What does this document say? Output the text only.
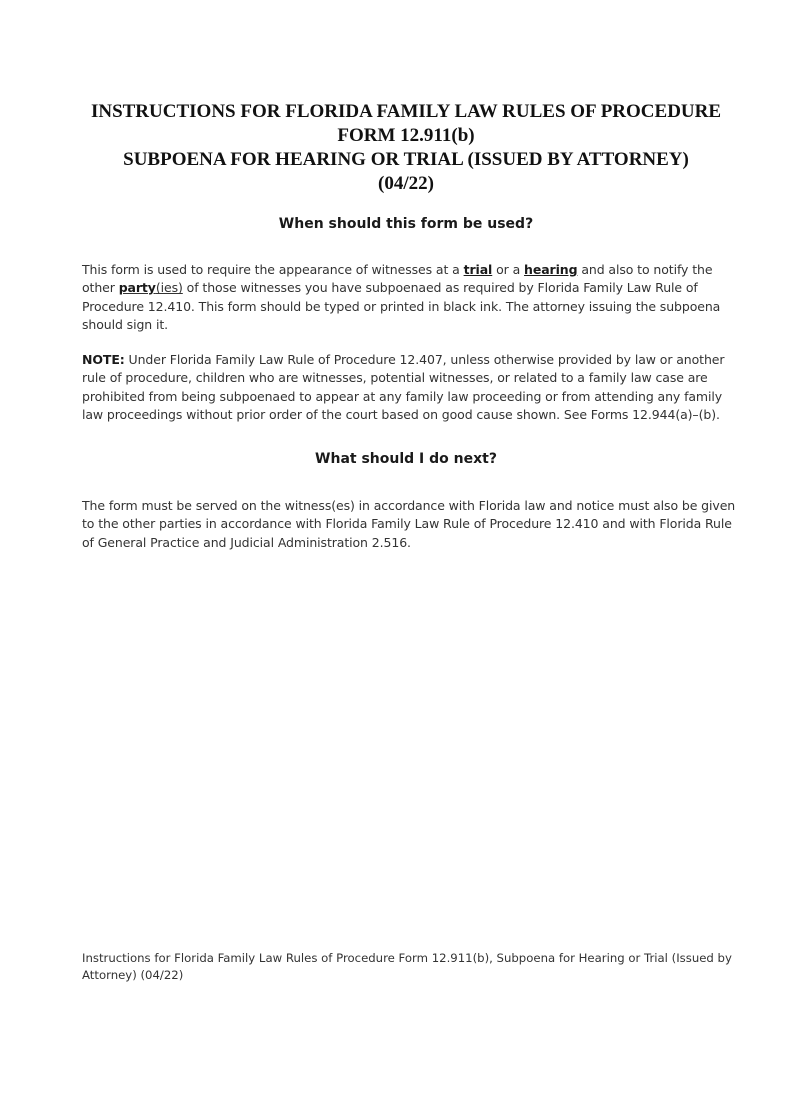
INSTRUCTIONS FOR FLORIDA FAMILY LAW RULES OF PROCEDURE
FORM 12.911(b)
SUBPOENA FOR HEARING OR TRIAL (ISSUED BY ATTORNEY)
(04/22)
When should this form be used?
This form is used to require the appearance of witnesses at a trial or a hearing and also to notify the other party(ies) of those witnesses you have subpoenaed as required by Florida Family Law Rule of Procedure 12.410. This form should be typed or printed in black ink. The attorney issuing the subpoena should sign it.
NOTE: Under Florida Family Law Rule of Procedure 12.407, unless otherwise provided by law or another rule of procedure, children who are witnesses, potential witnesses, or related to a family law case are prohibited from being subpoenaed to appear at any family law proceeding or from attending any family law proceedings without prior order of the court based on good cause shown. See Forms 12.944(a)–(b).
What should I do next?
The form must be served on the witness(es) in accordance with Florida law and notice must also be given to the other parties in accordance with Florida Family Law Rule of Procedure 12.410 and with Florida Rule of General Practice and Judicial Administration 2.516.
Instructions for Florida Family Law Rules of Procedure Form 12.911(b), Subpoena for Hearing or Trial (Issued by Attorney) (04/22)
